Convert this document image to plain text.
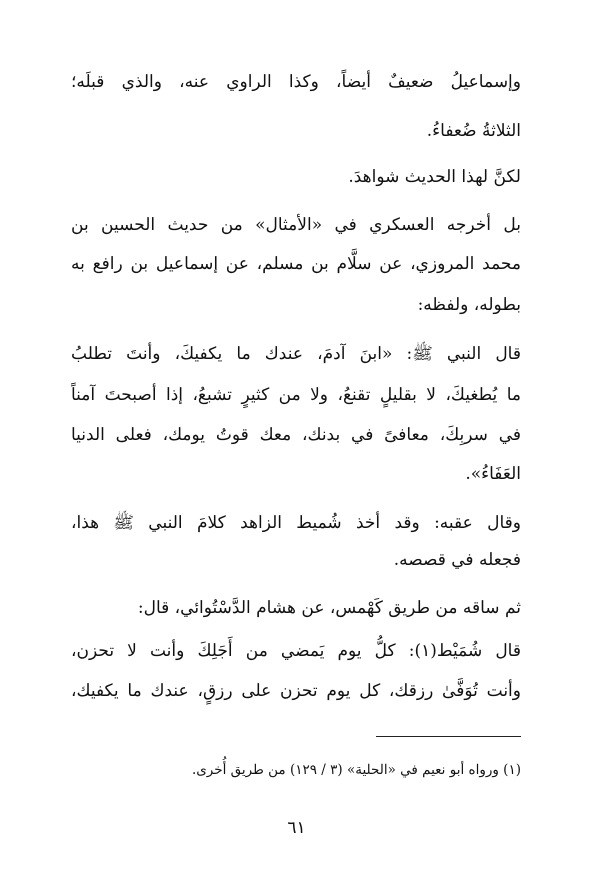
وإسماعيلُ ضعيفٌ أيضاً، وكذا الراوي عنه، والذي قبلَه؛
الثلاثةُ ضُعفاءُ.
لكنَّ لهذا الحديث شواهدَ.
بل أخرجه العسكري في «الأمثال» من حديث الحسين بن
محمد المروزي، عن سلَّام بن مسلم، عن إسماعيل بن رافع به
بطوله، ولفظه:
قال النبي ﷺ: «ابنَ آدمَ، عندك ما يكفيكَ، وأنتَ تطلبُ
ما يُطغيكَ، لا بقليلٍ تقنعُ، ولا من كثيرٍ تشبعُ، إذا أصبحتَ آمناً
في سربِكَ، معافىً في بدنك، معك قوتُ يومك، فعلى الدنيا
العَفَاءُ».
وقال عقبه: وقد أخذ شُميط الزاهد كلامَ النبي ﷺ هذا،
فجعله في قصصه.
ثم ساقه من طريق كَهْمس، عن هشام الدَّسْتُوائي، قال:
قال شُمَيْط(١): كلُّ يوم يَمضي من أَجَلِكَ وأنت لا تحزن،
وأنت تُوَفَّىٰ رزقك، كل يوم تحزن على رزقٍ، عندك ما يكفيك،
(١) ورواه أبو نعيم في «الحلية» (٣ / ١٢٩) من طريق أُخرى.
٦١
